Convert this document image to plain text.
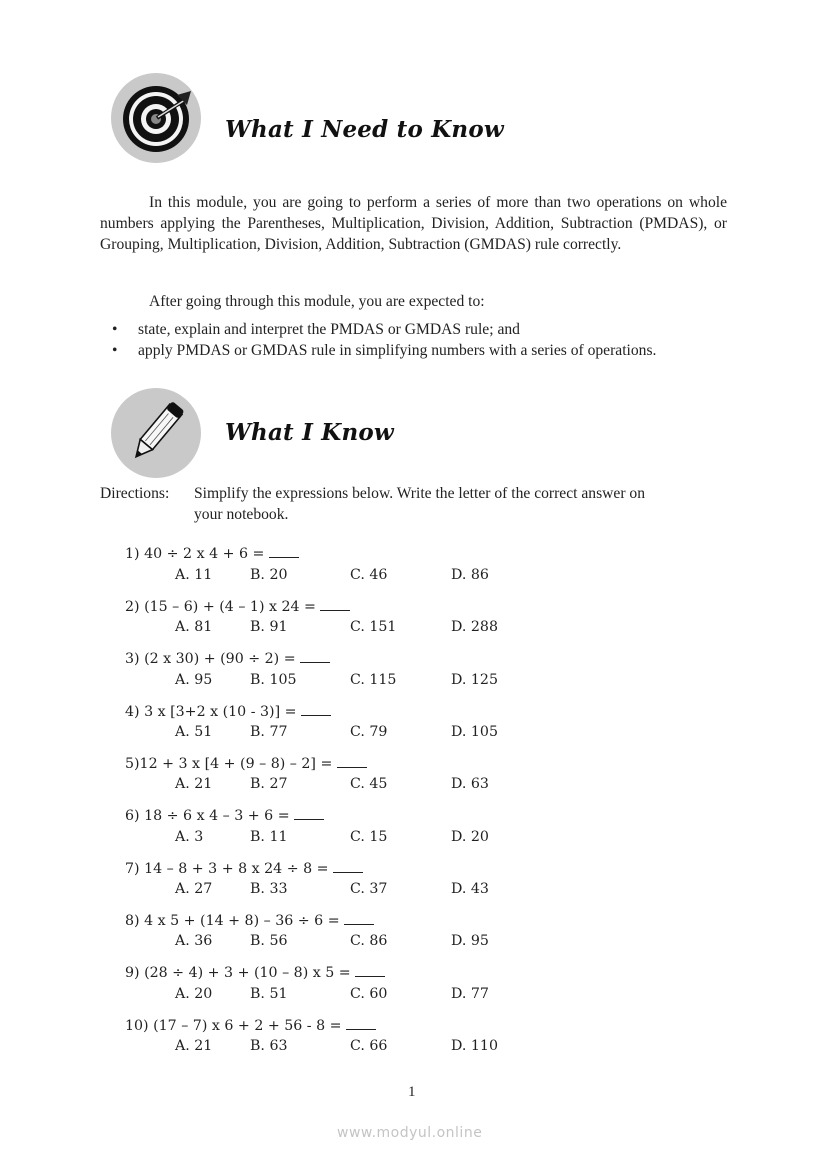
What I Need to Know
In this module, you are going to perform a series of more than two operations on whole numbers applying the Parentheses, Multiplication, Division, Addition, Subtraction (PMDAS), or Grouping, Multiplication, Division, Addition, Subtraction (GMDAS) rule correctly.
After going through this module, you are expected to:
• state, explain and interpret the PMDAS or GMDAS rule; and
• apply PMDAS or GMDAS rule in simplifying numbers with a series of operations.
What I Know
Directions: Simplify the expressions below. Write the letter of the correct answer on
your notebook.
1) 40 ÷ 2 x 4 + 6 =
A. 11	B. 20	C. 46	D. 86
2) (15 – 6) + (4 – 1) x 24 =
A. 81	B. 91	C. 151	D. 288
3) (2 x 30) + (90 ÷ 2) =
A. 95	B. 105	C. 115	D. 125
4) 3 x [3+2 x (10 - 3)] =
A. 51	B. 77	C. 79	D. 105
5)12 + 3 x [4 + (9 – 8) – 2] =
A. 21	B. 27	C. 45	D. 63
6) 18 ÷ 6 x 4 – 3 + 6 =
A. 3	B. 11	C. 15	D. 20
7) 14 – 8 + 3 + 8 x 24 ÷ 8 =
A. 27	B. 33	C. 37	D. 43
8) 4 x 5 + (14 + 8) – 36 ÷ 6 =
A. 36	B. 56	C. 86	D. 95
9) (28 ÷ 4) + 3 + (10 – 8) x 5 =
A. 20	B. 51	C. 60	D. 77
10) (17 – 7) x 6 + 2 + 56 - 8 =
A. 21	B. 63	C. 66	D. 110
1
www.modyul.online
